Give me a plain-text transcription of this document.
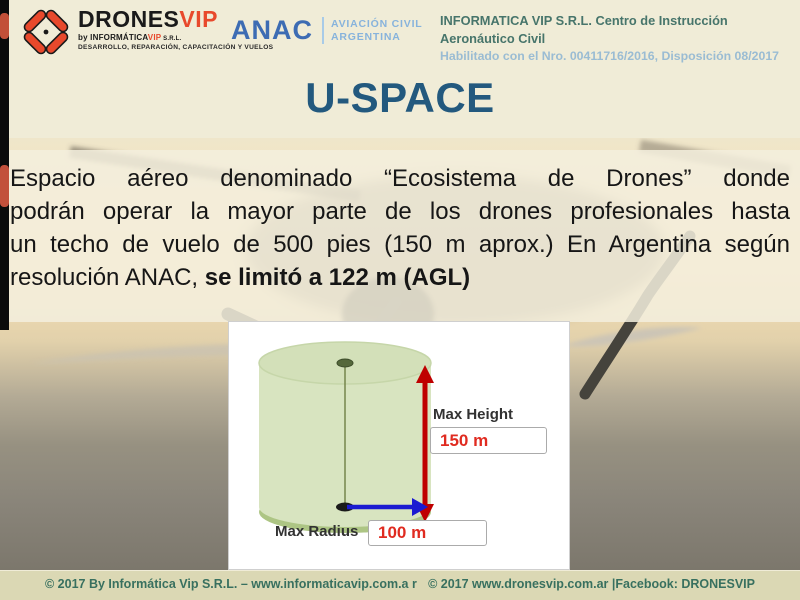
DRONESVIP
by INFORMÁTICAVIP S.R.L.
DESARROLLO, REPARACIÓN, CAPACITACIÓN Y VUELOS
ANAC AVIACIÓN CIVIL
ARGENTINA
INFORMATICA VIP S.R.L. Centro de Instrucción Aeronáutico Civil
Habilitado con el Nro. 00411716/2016, Disposición 08/2017
U-SPACE
Espacio aéreo denominado “Ecosistema de Drones” donde
podrán operar la mayor parte de los drones profesionales hasta
un techo de vuelo de 500 pies (150 m aprox.) En Argentina según
resolución ANAC, se limitó a 122 m (AGL)
Max Height
150 m
Max Radius	100 m
© 2017 By Informática Vip S.R.L. – www.informaticavip.com.a r © 2017 www.dronesvip.com.ar |Facebook: DRONESVIP
